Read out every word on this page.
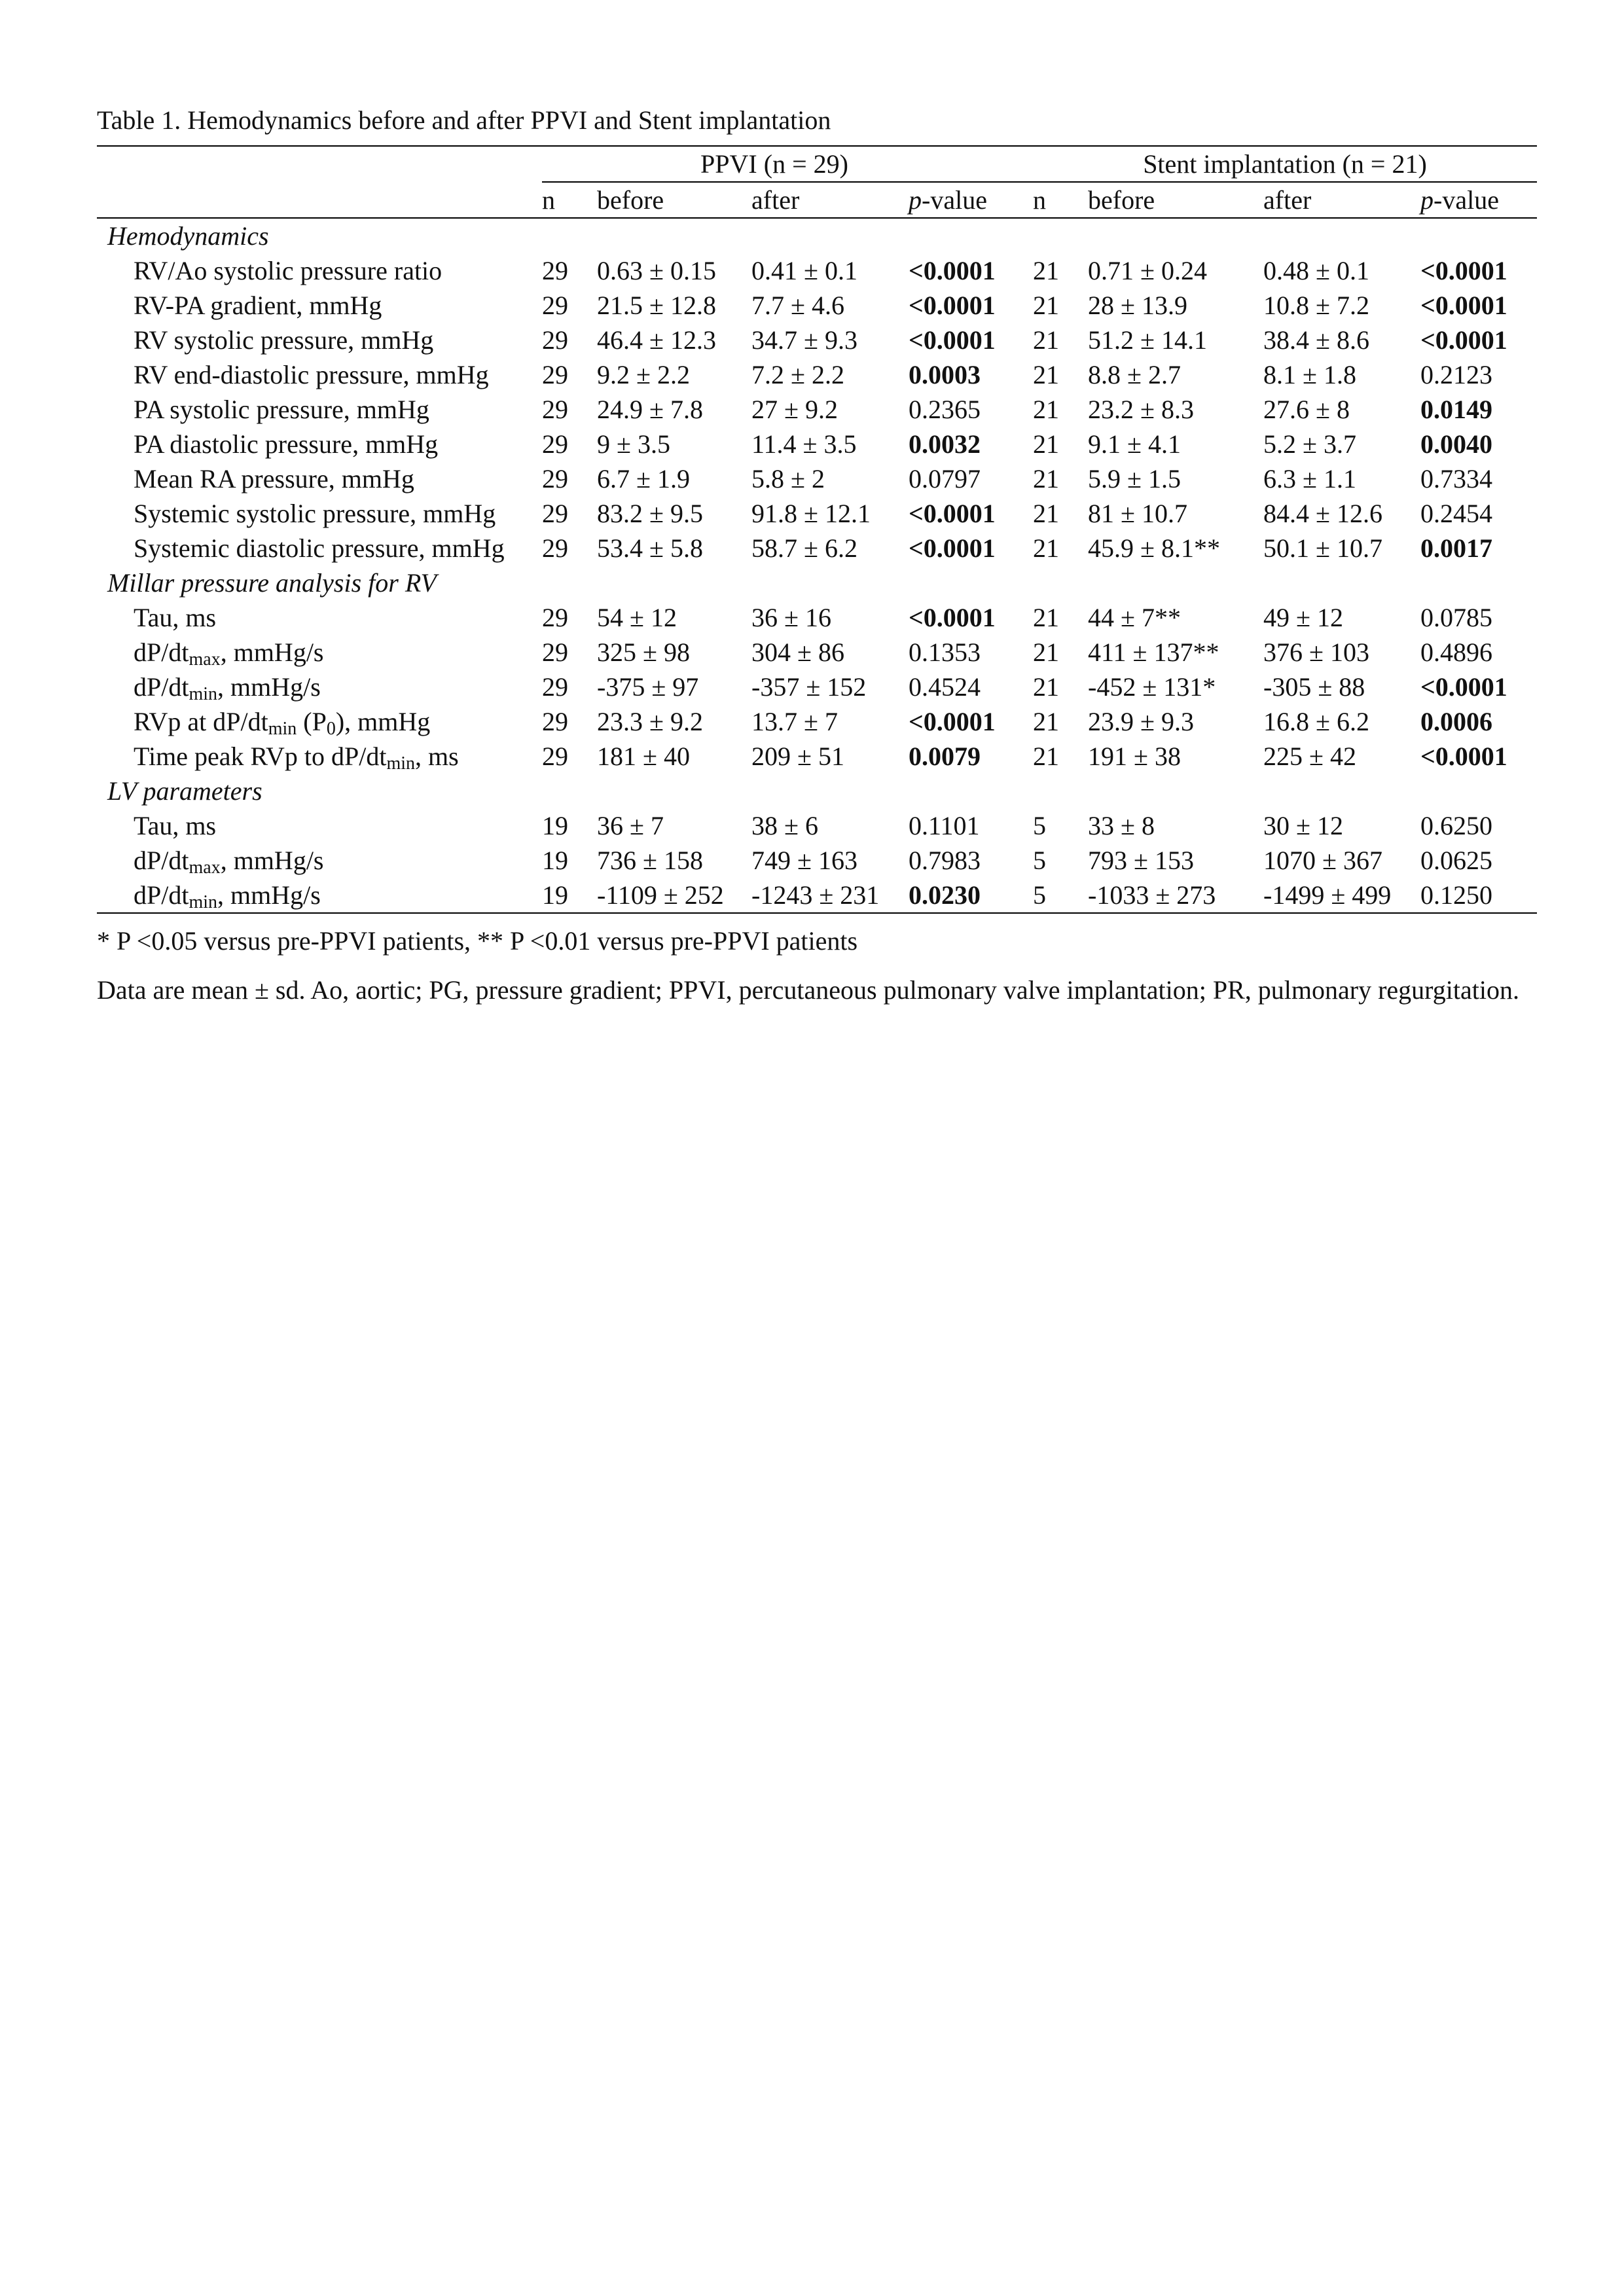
Table 1. Hemodynamics before and after PPVI and Stent implantation

	PPVI (n = 29)				Stent implantation (n = 21)			
	n	before	after	p-value	n	before	after	p-value
Hemodynamics								
RV/Ao systolic pressure ratio	29	0.63 ± 0.15	0.41 ± 0.1	<0.0001	21	0.71 ± 0.24	0.48 ± 0.1	<0.0001
RV-PA gradient, mmHg	29	21.5 ± 12.8	7.7 ± 4.6	<0.0001	21	28 ± 13.9	10.8 ± 7.2	<0.0001
RV systolic pressure, mmHg	29	46.4 ± 12.3	34.7 ± 9.3	<0.0001	21	51.2 ± 14.1	38.4 ± 8.6	<0.0001
RV end-diastolic pressure, mmHg	29	9.2 ± 2.2	7.2 ± 2.2	0.0003	21	8.8 ± 2.7	8.1 ± 1.8	0.2123
PA systolic pressure, mmHg	29	24.9 ± 7.8	27 ± 9.2	0.2365	21	23.2 ± 8.3	27.6 ± 8	0.0149
PA diastolic pressure, mmHg	29	9 ± 3.5	11.4 ± 3.5	0.0032	21	9.1 ± 4.1	5.2 ± 3.7	0.0040
Mean RA pressure, mmHg	29	6.7 ± 1.9	5.8 ± 2	0.0797	21	5.9 ± 1.5	6.3 ± 1.1	0.7334
Systemic systolic pressure, mmHg	29	83.2 ± 9.5	91.8 ± 12.1	<0.0001	21	81 ± 10.7	84.4 ± 12.6	0.2454
Systemic diastolic pressure, mmHg	29	53.4 ± 5.8	58.7 ± 6.2	<0.0001	21	45.9 ± 8.1**	50.1 ± 10.7	0.0017
Millar pressure analysis for RV								
Tau, ms	29	54 ± 12	36 ± 16	<0.0001	21	44 ± 7**	49 ± 12	0.0785
$dP/dt_{max}$, mmHg/s	29	325 ± 98	304 ± 86	0.1353	21	411 ± 137**	376 ± 103	0.4896
$dP/dt_{min}$, mmHg/s	29	-375 ± 97	-357 ± 152	0.4524	21	-452 ± 131*	-305 ± 88	<0.0001
RVp at $dP/dt_{min}$ $(P_0)$, mmHg	29	23.3 ± 9.2	13.7 ± 7	<0.0001	21	23.9 ± 9.3	16.8 ± 6.2	0.0006
Time peak RVp to $dP/dt_{min}$, ms	29	181 ± 40	209 ± 51	0.0079	21	191 ± 38	225 ± 42	<0.0001
LV parameters								
Tau, ms	19	36 ± 7	38 ± 6	0.1101	5	33 ± 8	30 ± 12	0.6250
$dP/dt_{max}$, mmHg/s	19	736 ± 158	749 ± 163	0.7983	5	793 ± 153	1070 ± 367	0.0625
$dP/dt_{min}$, mmHg/s	19	-1109 ± 252	-1243 ± 231	0.0230	5	-1033 ± 273	-1499 ± 499	0.1250

* P <0.05 versus pre-PPVI patients, ** P <0.01 versus pre-PPVI patients

Data are mean ± sd. Ao, aortic; PG, pressure gradient; PPVI, percutaneous pulmonary valve implantation; PR, pulmonary regurgitation.
